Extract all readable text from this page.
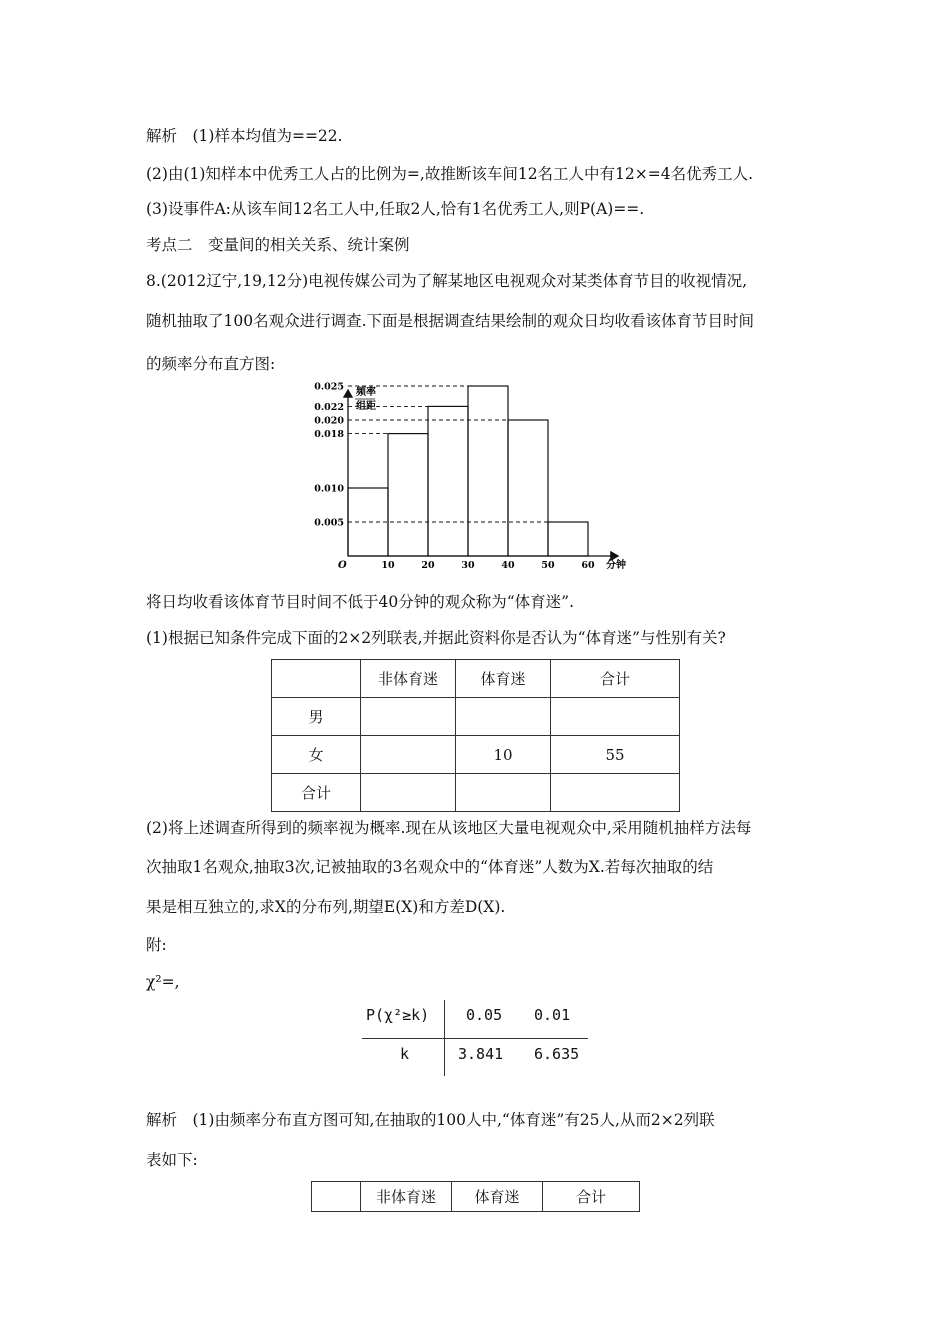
解析　(1)样本均值为==22.
(2)由(1)知样本中优秀工人占的比例为=,故推断该车间12名工人中有12×=4名优秀工人.
(3)设事件A:从该车间12名工人中,任取2人,恰有1名优秀工人,则P(A)==.
考点二　变量间的相关关系、统计案例
8.(2012辽宁,19,12分)电视传媒公司为了解某地区电视观众对某类体育节目的收视情况,
随机抽取了100名观众进行调查.下面是根据调查结果绘制的观众日均收看该体育节目时间
的频率分布直方图:
频率
组距
分钟
O
0.005
0.010
0.018
0.020
0.022
0.025
10	20	30	40	50	60
将日均收看该体育节目时间不低于40分钟的观众称为“体育迷”.
(1)根据已知条件完成下面的2×2列联表,并据此资料你是否认为“体育迷”与性别有关?
	非体育迷	体育迷	合计
男			
女		10	55
合计			
(2)将上述调查所得到的频率视为概率.现在从该地区大量电视观众中,采用随机抽样方法每
次抽取1名观众,抽取3次,记被抽取的3名观众中的“体育迷”人数为X.若每次抽取的结
果是相互独立的,求X的分布列,期望E(X)和方差D(X).
附:
χ²=,
P(χ²≥k) 0.05 0.01
k	3.841 6.635
解析　(1)由频率分布直方图可知,在抽取的100人中,“体育迷”有25人,从而2×2列联
表如下:
	非体育迷	体育迷	合计
